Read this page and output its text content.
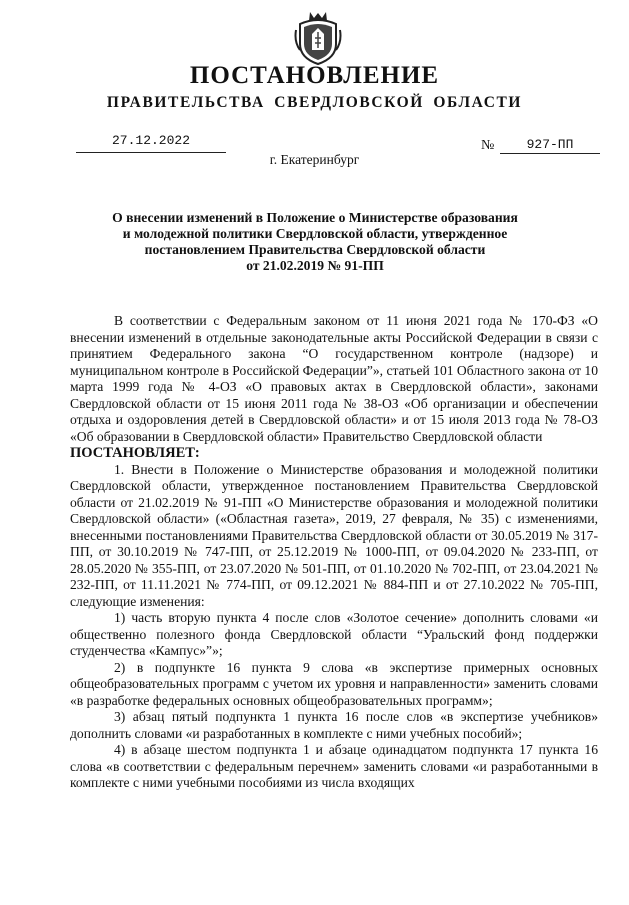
ПОСТАНОВЛЕНИЕ
ПРАВИТЕЛЬСТВА СВЕРДЛОВСКОЙ ОБЛАСТИ
27.12.2022	№	927-ПП
г. Екатеринбург
О внесении изменений в Положение о Министерстве образования
и молодежной политики Свердловской области, утвержденное
постановлением Правительства Свердловской области
от 21.02.2019 № 91-ПП

В соответствии с Федеральным законом от 11 июня 2021 года № 170-ФЗ «О внесении изменений в отдельные законодательные акты Российской Федерации в связи с принятием Федерального закона “О государственном контроле (надзоре) и муниципальном контроле в Российской Федерации”», статьей 101 Областного закона от 10 марта 1999 года № 4-ОЗ «О правовых актах в Свердловской области», законами Свердловской области от 15 июня 2011 года № 38-ОЗ «Об организации и обеспечении отдыха и оздоровления детей в Свердловской области» и от 15 июля 2013 года № 78-ОЗ «Об образовании в Свердловской области» Правительство Свердловской области

ПОСТАНОВЛЯЕТ:

1. Внести в Положение о Министерстве образования и молодежной политики Свердловской области, утвержденное постановлением Правительства Свердловской области от 21.02.2019 № 91-ПП «О Министерстве образования и молодежной политики Свердловской области» («Областная газета», 2019, 27 февраля, № 35) с изменениями, внесенными постановлениями Правительства Свердловской области от 30.05.2019 № 317-ПП, от 30.10.2019 № 747-ПП, от 25.12.2019 № 1000-ПП, от 09.04.2020 № 233-ПП, от 28.05.2020 № 355-ПП, от 23.07.2020 № 501-ПП, от 01.10.2020 № 702-ПП, от 23.04.2021 № 232-ПП, от 11.11.2021 № 774-ПП, от 09.12.2021 № 884-ПП и от 27.10.2022 № 705-ПП, следующие изменения:

1) часть вторую пункта 4 после слов «Золотое сечение» дополнить словами «и общественно полезного фонда Свердловской области “Уральский фонд поддержки студенчества «Кампус»”»;

2) в подпункте 16 пункта 9 слова «в экспертизе примерных основных общеобразовательных программ с учетом их уровня и направленности» заменить словами «в разработке федеральных основных общеобразовательных программ»;

3) абзац пятый подпункта 1 пункта 16 после слов «в экспертизе учебников» дополнить словами «и разработанных в комплекте с ними учебных пособий»;

4) в абзаце шестом подпункта 1 и абзаце одинадцатом подпункта 17 пункта 16 слова «в соответствии с федеральным перечнем» заменить словами «и разработанными в комплекте с ними учебными пособиями из числа входящих
